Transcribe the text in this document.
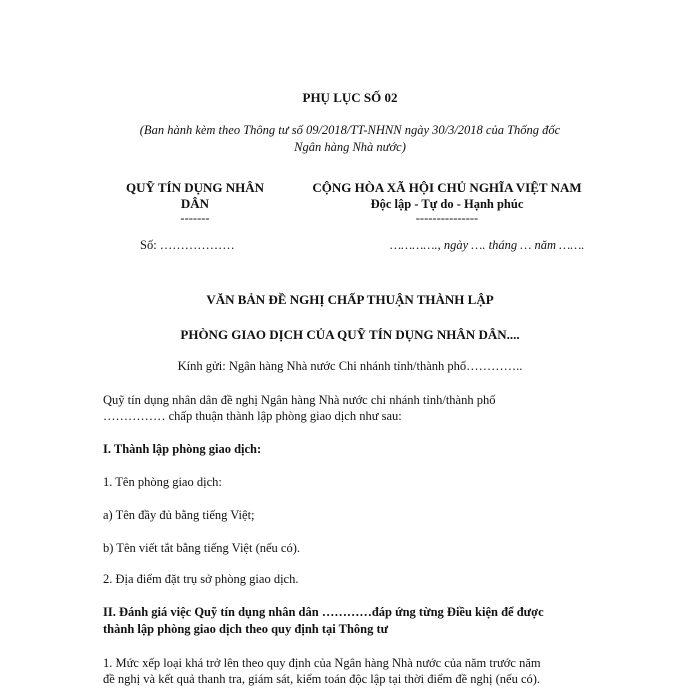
PHỤ LỤC SỐ 02

(Ban hành kèm theo Thông tư số 09/2018/TT-NHNN ngày 30/3/2018 của Thống đốc

Ngân hàng Nhà nước)

QUỸ TÍN DỤNG NHÂN

DÂN

-------

Số: ………………

CỘNG HÒA XÃ HỘI CHỦ NGHĨA VIỆT NAM

Độc lập - Tự do - Hạnh phúc

---------------

…………., ngày …. tháng … năm …….

VĂN BẢN ĐỀ NGHỊ CHẤP THUẬN THÀNH LẬP

PHÒNG GIAO DỊCH CỦA QUỸ TÍN DỤNG NHÂN DÂN....

Kính gửi: Ngân hàng Nhà nước Chi nhánh tỉnh/thành phố…………..

Quỹ tín dụng nhân dân đề nghị Ngân hàng Nhà nước chi nhánh tỉnh/thành phố

…………… chấp thuận thành lập phòng giao dịch như sau:

I. Thành lập phòng giao dịch:

1. Tên phòng giao dịch:

a) Tên đầy đủ bằng tiếng Việt;

b) Tên viết tắt bằng tiếng Việt (nếu có).

2. Địa điểm đặt trụ sở phòng giao dịch.

II. Đánh giá việc Quỹ tín dụng nhân dân …………đáp ứng từng Điều kiện để được

thành lập phòng giao dịch theo quy định tại Thông tư

1. Mức xếp loại khá trở lên theo quy định của Ngân hàng Nhà nước của năm trước năm

đề nghị và kết quả thanh tra, giám sát, kiểm toán độc lập tại thời điểm đề nghị (nếu có).
